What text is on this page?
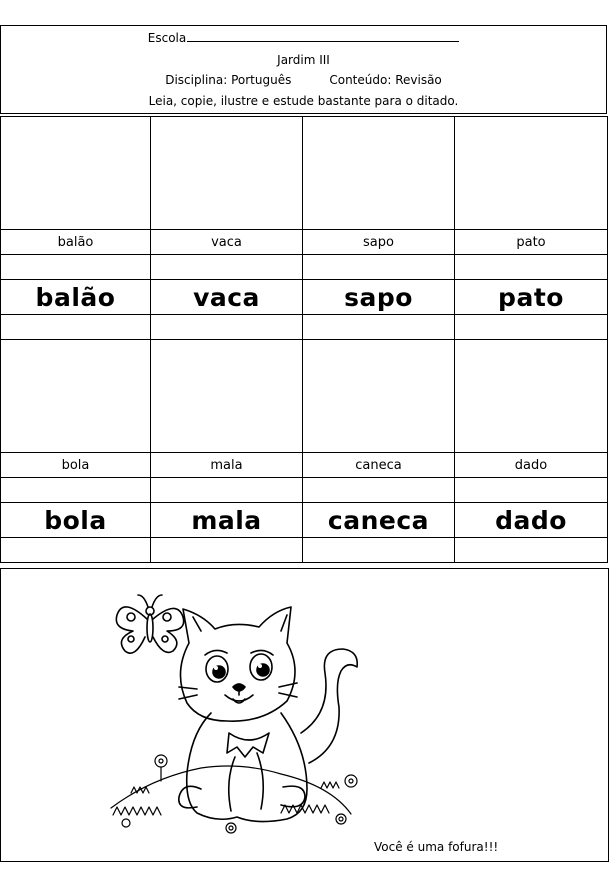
Escola
Jardim III
Disciplina: Português	Conteúdo: Revisão
Leia, copie, ilustre e estude bastante para o ditado.

balão	vaca	sapo	pato

balão	vaca	sapo	pato

bola	mala	caneca	dado

bola	mala	caneca	dado

Você é uma fofura!!!
